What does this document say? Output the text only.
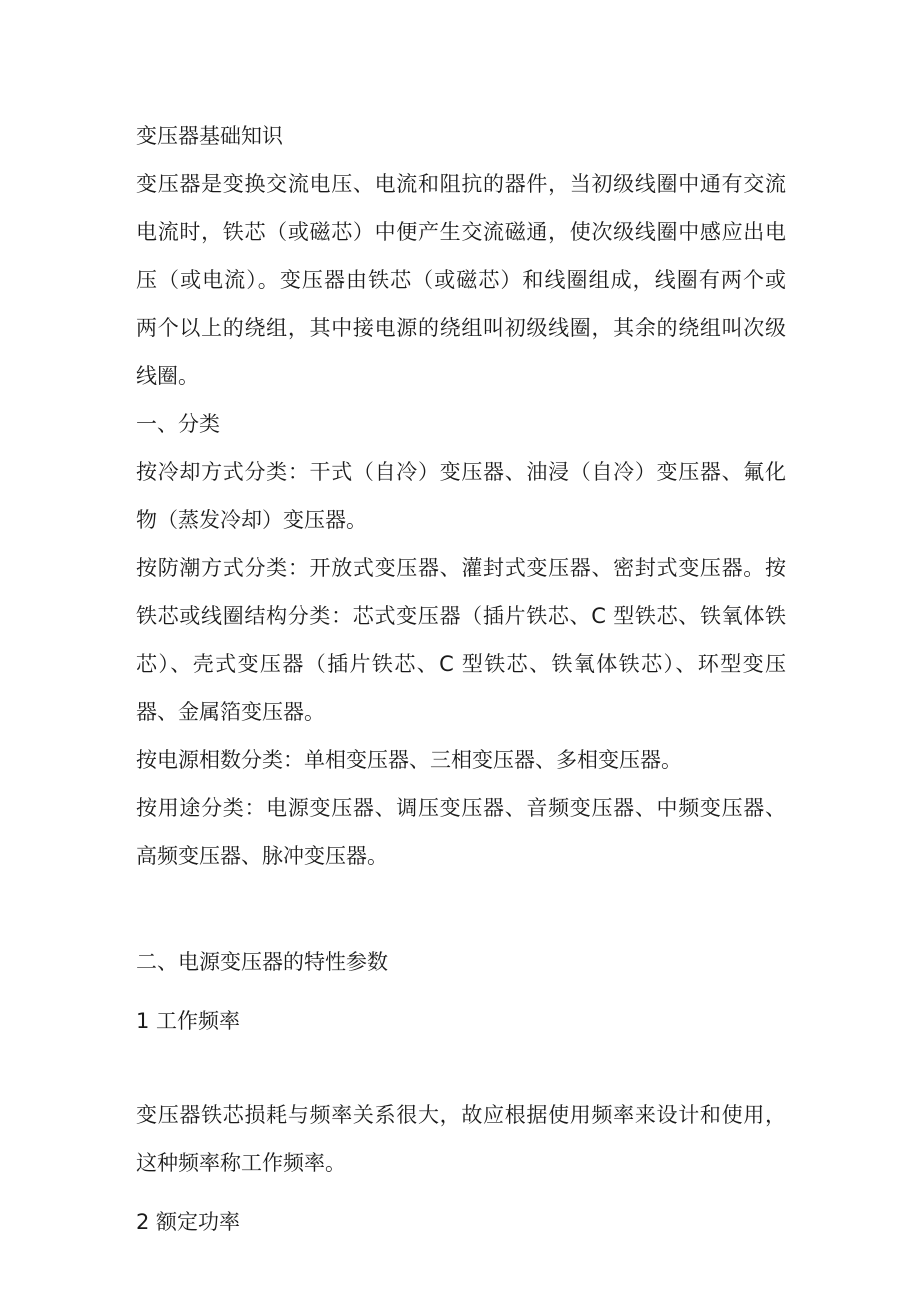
变压器基础知识
变压器是变换交流电压、电流和阻抗的器件，当初级线圈中通有交流
电流时，铁芯（或磁芯）中便产生交流磁通，使次级线圈中感应出电
压（或电流）。变压器由铁芯（或磁芯）和线圈组成，线圈有两个或
两个以上的绕组，其中接电源的绕组叫初级线圈，其余的绕组叫次级
线圈。
一、分类
按冷却方式分类：干式（自冷）变压器、油浸（自冷）变压器、氟化
物（蒸发冷却）变压器。
按防潮方式分类：开放式变压器、灌封式变压器、密封式变压器。按
铁芯或线圈结构分类：芯式变压器（插片铁芯、C 型铁芯、铁氧体铁
芯）、壳式变压器（插片铁芯、C 型铁芯、铁氧体铁芯）、环型变压
器、金属箔变压器。
按电源相数分类：单相变压器、三相变压器、多相变压器。
按用途分类：电源变压器、调压变压器、音频变压器、中频变压器、
高频变压器、脉冲变压器。
二、电源变压器的特性参数
1 工作频率
变压器铁芯损耗与频率关系很大，故应根据使用频率来设计和使用，
这种频率称工作频率。
2 额定功率
